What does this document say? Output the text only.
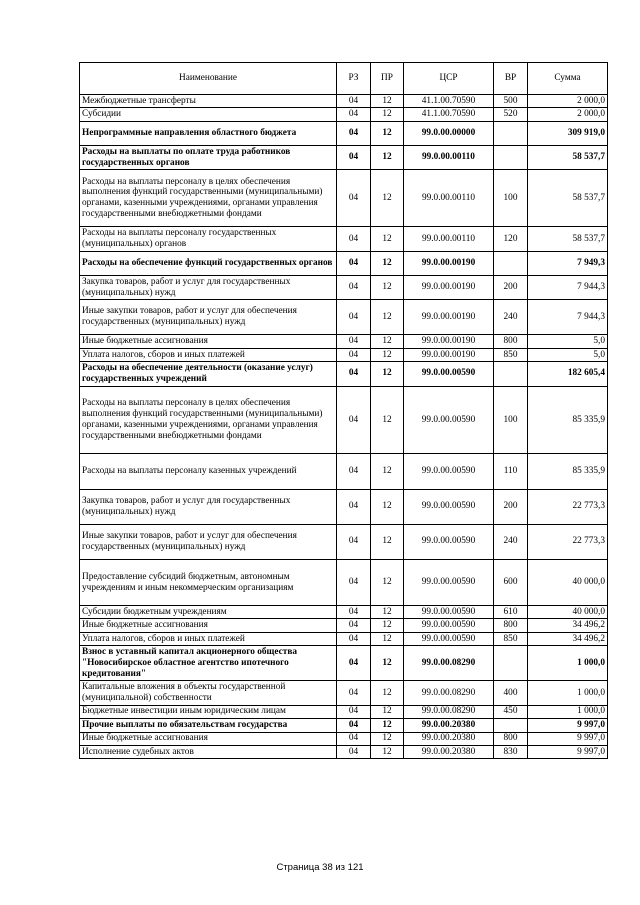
Наименование	РЗ	ПР	ЦСР	ВР	Сумма
Межбюджетные трансферты	04	12	41.1.00.70590	500	2 000,0
Субсидии	04	12	41.1.00.70590	520	2 000,0
Непрограммные направления областного бюджета	04	12	99.0.00.00000		309 919,0
Расходы на выплаты по оплате труда работников государственных органов	04	12	99.0.00.00110		58 537,7
Расходы на выплаты персоналу в целях обеспечения выполнения функций государственными (муниципальными) органами, казенными учреждениями, органами управления государственными внебюджетными фондами	04	12	99.0.00.00110	100	58 537,7
Расходы на выплаты персоналу государственных (муниципальных) органов	04	12	99.0.00.00110	120	58 537,7
Расходы на обеспечение функций государственных органов	04	12	99.0.00.00190		7 949,3
Закупка товаров, работ и услуг для государственных (муниципальных) нужд	04	12	99.0.00.00190	200	7 944,3
Иные закупки товаров, работ и услуг для обеспечения государственных (муниципальных) нужд	04	12	99.0.00.00190	240	7 944,3
Иные бюджетные ассигнования	04	12	99.0.00.00190	800	5,0
Уплата налогов, сборов и иных платежей	04	12	99.0.00.00190	850	5,0
Расходы на обеспечение деятельности (оказание услуг) государственных учреждений	04	12	99.0.00.00590		182 605,4
Расходы на выплаты персоналу в целях обеспечения выполнения функций государственными (муниципальными) органами, казенными учреждениями, органами управления государственными внебюджетными фондами	04	12	99.0.00.00590	100	85 335,9
Расходы на выплаты персоналу казенных учреждений	04	12	99.0.00.00590	110	85 335,9
Закупка товаров, работ и услуг для государственных (муниципальных) нужд	04	12	99.0.00.00590	200	22 773,3
Иные закупки товаров, работ и услуг для обеспечения государственных (муниципальных) нужд	04	12	99.0.00.00590	240	22 773,3
Предоставление субсидий бюджетным, автономным учреждениям и иным некоммерческим организациям	04	12	99.0.00.00590	600	40 000,0
Субсидии бюджетным учреждениям	04	12	99.0.00.00590	610	40 000,0
Иные бюджетные ассигнования	04	12	99.0.00.00590	800	34 496,2
Уплата налогов, сборов и иных платежей	04	12	99.0.00.00590	850	34 496,2
Взнос в уставный капитал акционерного общества "Новосибирское областное агентство ипотечного кредитования"	04	12	99.0.00.08290		1 000,0
Капитальные вложения в объекты государственной (муниципальной) собственности	04	12	99.0.00.08290	400	1 000,0
Бюджетные инвестиции иным юридическим лицам	04	12	99.0.00.08290	450	1 000,0
Прочие выплаты по обязательствам государства	04	12	99.0.00.20380		9 997,0
Иные бюджетные ассигнования	04	12	99.0.00.20380	800	9 997,0
Исполнение судебных актов	04	12	99.0.00.20380	830	9 997,0
Страница 38 из 121
